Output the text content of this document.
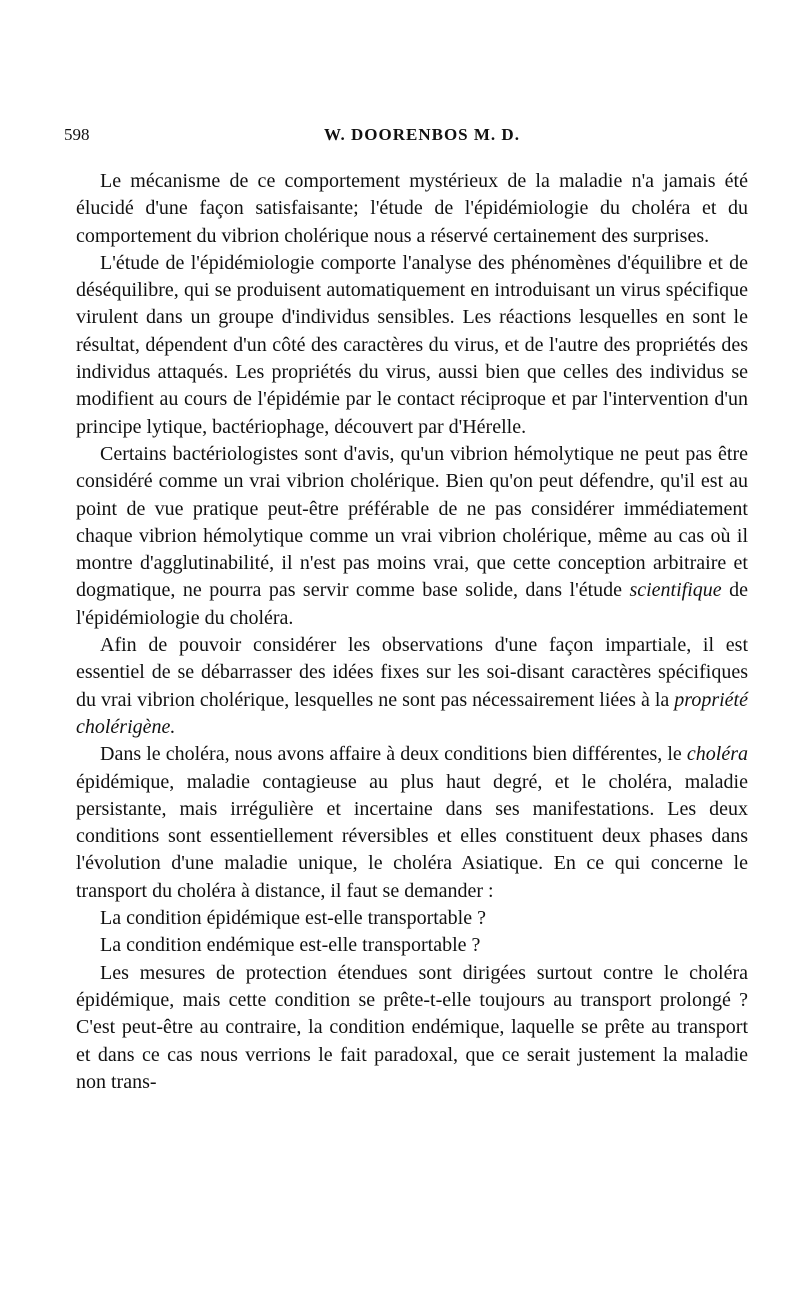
598	W. DOORENBOS M. D.

Le mécanisme de ce comportement mystérieux de la maladie n'a jamais été élucidé d'une façon satisfaisante; l'étude de l'épidémiologie du choléra et du comportement du vibrion cholérique nous a réservé certainement des surprises.

L'étude de l'épidémiologie comporte l'analyse des phénomènes d'équilibre et de déséquilibre, qui se produisent automatiquement en introduisant un virus spécifique virulent dans un groupe d'individus sensibles. Les réactions lesquelles en sont le résultat, dépendent d'un côté des caractères du virus, et de l'autre des propriétés des individus attaqués. Les propriétés du virus, aussi bien que celles des individus se modifient au cours de l'épidémie par le contact réciproque et par l'intervention d'un principe lytique, bactériophage, découvert par d'Hérelle.

Certains bactériologistes sont d'avis, qu'un vibrion hémolytique ne peut pas être considéré comme un vrai vibrion cholérique. Bien qu'on peut défendre, qu'il est au point de vue pratique peut-être préférable de ne pas considérer immédiatement chaque vibrion hémolytique comme un vrai vibrion cholérique, même au cas où il montre d'agglutinabilité, il n'est pas moins vrai, que cette conception arbitraire et dogmatique, ne pourra pas servir comme base solide, dans l'étude scientifique de l'épidémiologie du choléra.

Afin de pouvoir considérer les observations d'une façon impartiale, il est essentiel de se débarrasser des idées fixes sur les soi-disant caractères spécifiques du vrai vibrion cholérique, lesquelles ne sont pas nécessairement liées à la propriété cholérigène.

Dans le choléra, nous avons affaire à deux conditions bien différentes, le choléra épidémique, maladie contagieuse au plus haut degré, et le choléra, maladie persistante, mais irrégulière et incertaine dans ses manifestations. Les deux conditions sont essentiellement réversibles et elles constituent deux phases dans l'évolution d'une maladie unique, le choléra Asiatique. En ce qui concerne le transport du choléra à distance, il faut se demander :

La condition épidémique est-elle transportable ?

La condition endémique est-elle transportable ?

Les mesures de protection étendues sont dirigées surtout contre le choléra épidémique, mais cette condition se prête-t-elle toujours au transport prolongé ? C'est peut-être au contraire, la condition endémique, laquelle se prête au transport et dans ce cas nous verrions le fait paradoxal, que ce serait justement la maladie non trans-
